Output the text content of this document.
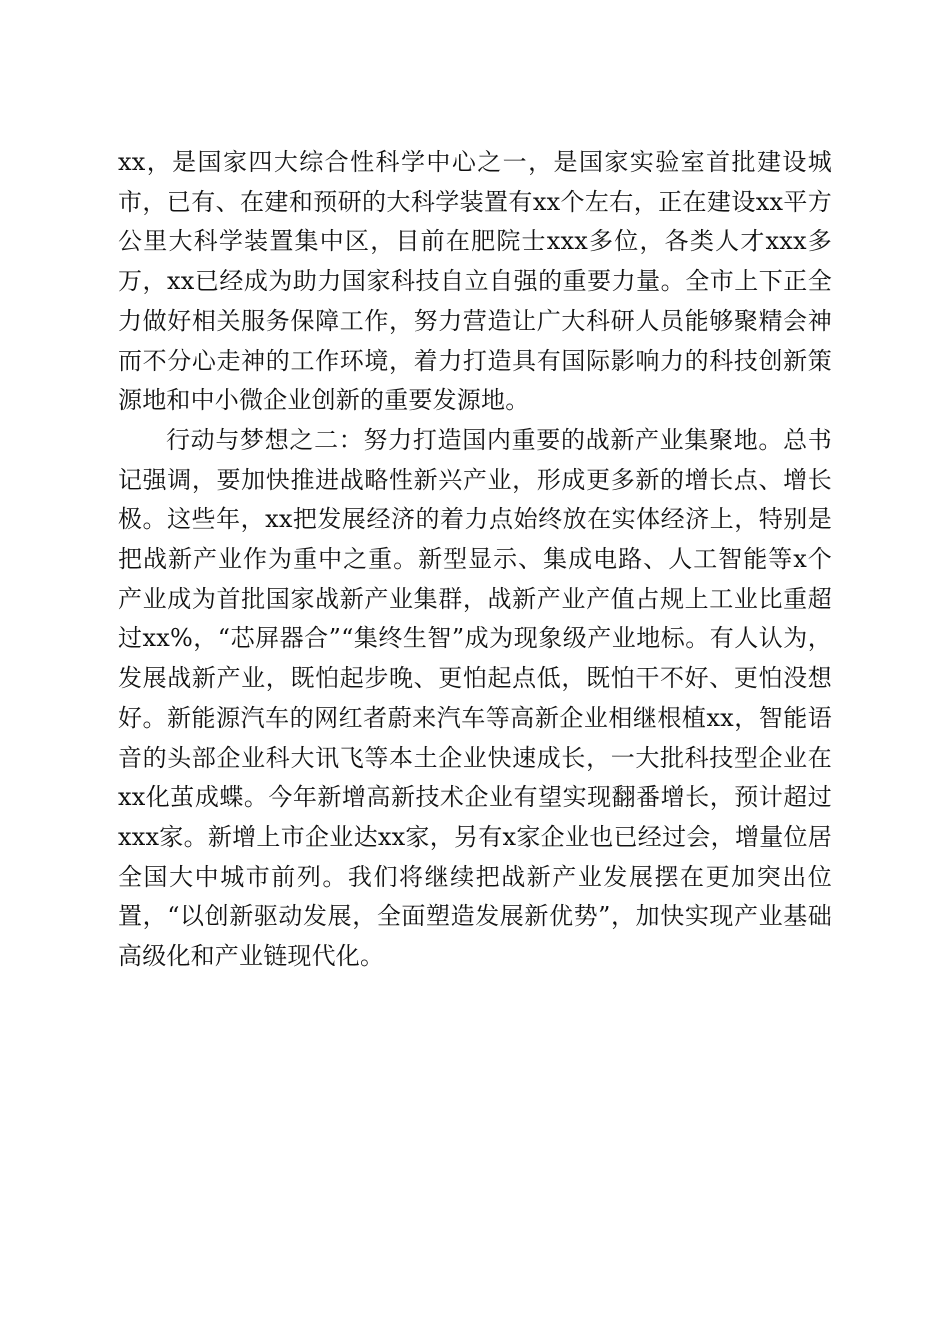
xx，是国家四大综合性科学中心之一，是国家实验室首批建设城市，已有、在建和预研的大科学装置有xx个左右，正在建设xx平方公里大科学装置集中区，目前在肥院士xxx多位，各类人才xxx多万，xx已经成为助力国家科技自立自强的重要力量。全市上下正全力做好相关服务保障工作，努力营造让广大科研人员能够聚精会神而不分心走神的工作环境，着力打造具有国际影响力的科技创新策源地和中小微企业创新的重要发源地。

行动与梦想之二：努力打造国内重要的战新产业集聚地。总书记强调，要加快推进战略性新兴产业，形成更多新的增长点、增长极。这些年，xx把发展经济的着力点始终放在实体经济上，特别是把战新产业作为重中之重。新型显示、集成电路、人工智能等x个产业成为首批国家战新产业集群，战新产业产值占规上工业比重超过xx%，“芯屏器合”“集终生智”成为现象级产业地标。有人认为，发展战新产业，既怕起步晚、更怕起点低，既怕干不好、更怕没想好。新能源汽车的网红者蔚来汽车等高新企业相继根植xx，智能语音的头部企业科大讯飞等本土企业快速成长，一大批科技型企业在xx化茧成蝶。今年新增高新技术企业有望实现翻番增长，预计超过xxx家。新增上市企业达xx家，另有x家企业也已经过会，增量位居全国大中城市前列。我们将继续把战新产业发展摆在更加突出位置，“以创新驱动发展，全面塑造发展新优势”，加快实现产业基础高级化和产业链现代化。
